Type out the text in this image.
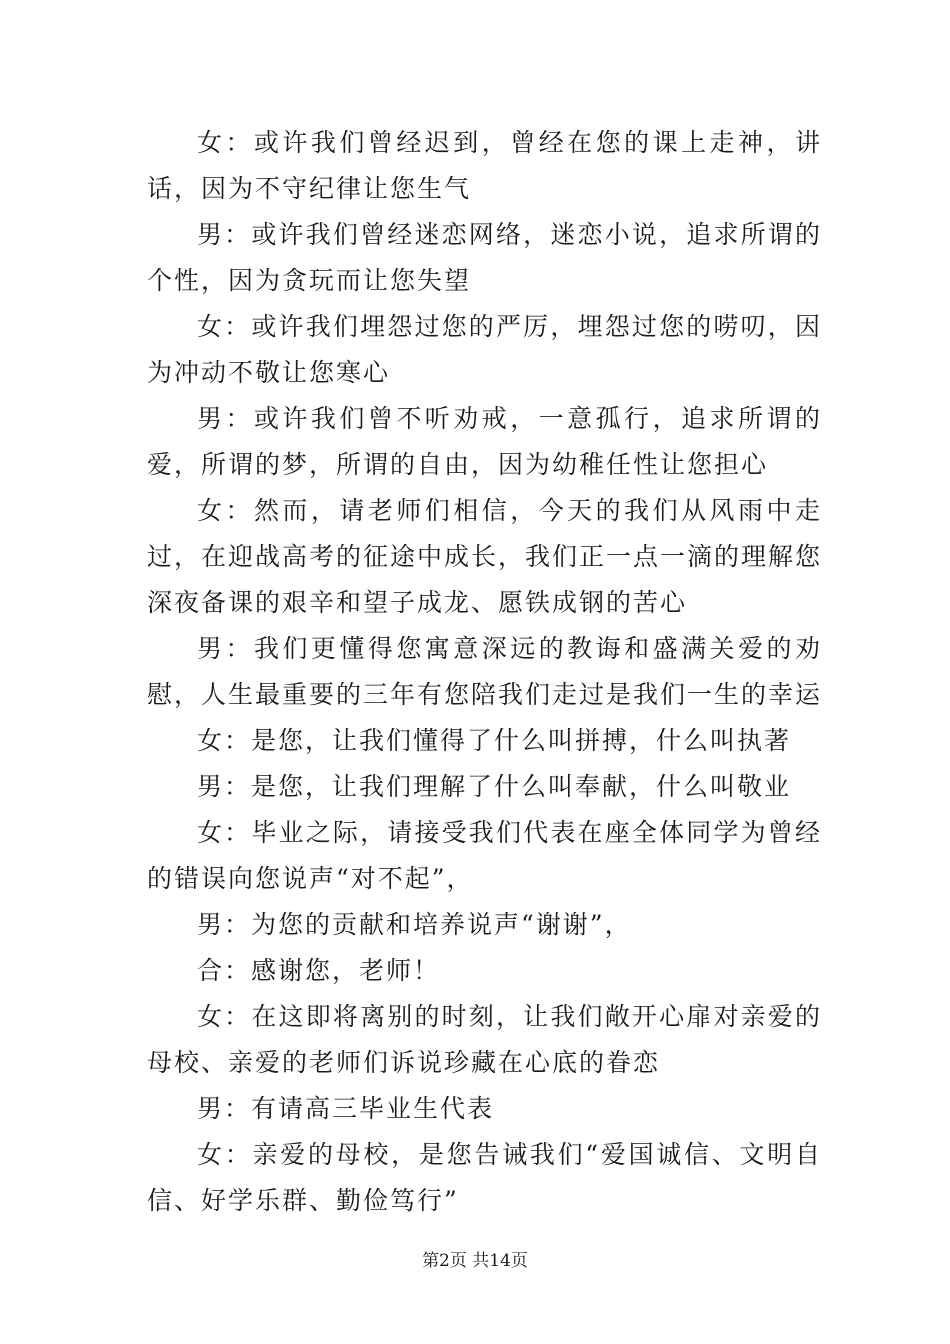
女：或许我们曾经迟到，曾经在您的课上走神，讲话，因为不守纪律让您生气

男：或许我们曾经迷恋网络，迷恋小说，追求所谓的个性，因为贪玩而让您失望

女：或许我们埋怨过您的严厉，埋怨过您的唠叨，因为冲动不敬让您寒心

男：或许我们曾不听劝戒，一意孤行，追求所谓的爱，所谓的梦，所谓的自由，因为幼稚任性让您担心

女：然而，请老师们相信，今天的我们从风雨中走过，在迎战高考的征途中成长，我们正一点一滴的理解您深夜备课的艰辛和望子成龙、愿铁成钢的苦心

男：我们更懂得您寓意深远的教诲和盛满关爱的劝慰，人生最重要的三年有您陪我们走过是我们一生的幸运

女：是您，让我们懂得了什么叫拼搏，什么叫执著

男：是您，让我们理解了什么叫奉献，什么叫敬业

女：毕业之际，请接受我们代表在座全体同学为曾经的错误向您说声“对不起”，

男：为您的贡献和培养说声“谢谢”，

合：感谢您，老师！

女：在这即将离别的时刻，让我们敞开心扉对亲爱的母校、亲爱的老师们诉说珍藏在心底的眷恋

男：有请高三毕业生代表

女：亲爱的母校，是您告诫我们“爱国诚信、文明自信、好学乐群、勤俭笃行”

第2页 共14页
